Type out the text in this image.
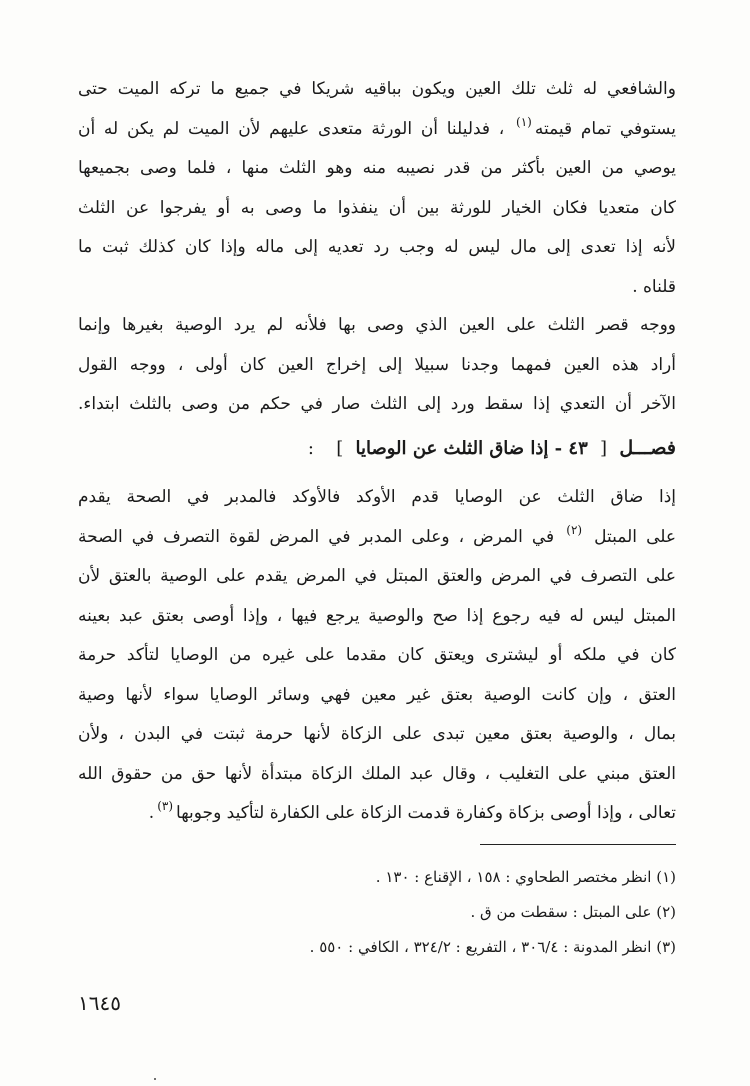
والشافعي له ثلث تلك العين ويكون بباقيه شريكا في جميع ما تركه الميت حتى
يستوفي تمام قيمته$^{(١)}$ ، فدليلنا أن الورثة متعدى عليهم لأن الميت لم يكن له أن
يوصي من العين بأكثر من قدر نصيبه منه وهو الثلث منها ، فلما وصى بجميعها
كان متعديا فكان الخيار للورثة بين أن ينفذوا ما وصى به أو يفرجوا عن الثلث
لأنه إذا تعدى إلى مال ليس له وجب رد تعديه إلى ماله وإذا كان كذلك ثبت ما
قلناه .
ووجه قصر الثلث على العين الذي وصى بها فلأنه لم يرد الوصية بغيرها وإنما
أراد هذه العين فمهما وجدنا سبيلا إلى إخراج العين كان أولى ، ووجه القول
الآخر أن التعدي إذا سقط ورد إلى الثلث صار في حكم من وصى بالثلث ابتداء.
فصـــل [ ٤٣ - إذا ضاق الثلث عن الوصايا ] :
إذا ضاق الثلث عن الوصايا قدم الأوكد فالأوكد فالمدبر في الصحة يقدم
على المبتل $^{(٢)}$ في المرض ، وعلى المدبر في المرض لقوة التصرف في الصحة
على التصرف في المرض والعتق المبتل في المرض يقدم على الوصية بالعتق لأن
المبتل ليس له فيه رجوع إذا صح والوصية يرجع فيها ، وإذا أوصى بعتق عبد بعينه
كان في ملكه أو ليشترى ويعتق كان مقدما على غيره من الوصايا لتأكد حرمة
العتق ، وإن كانت الوصية بعتق غير معين فهي وسائر الوصايا سواء لأنها وصية
بمال ، والوصية بعتق معين تبدى على الزكاة لأنها حرمة ثبتت في البدن ، ولأن
العتق مبني على التغليب ، وقال عبد الملك الزكاة مبتدأة لأنها حق من حقوق الله
تعالى ، وإذا أوصى بزكاة وكفارة قدمت الزكاة على الكفارة لتأكيد وجوبها$^{(٣)}$.
(١) انظر مختصر الطحاوي : ١٥٨ ، الإقناع : ١٣٠ .
(٢) على المبتل : سقطت من ق .
(٣) انظر المدونة : ٣٠٦/٤ ، التفريع : ٣٢٤/٢ ، الكافي : ٥٥٠ .
١٦٤٥
